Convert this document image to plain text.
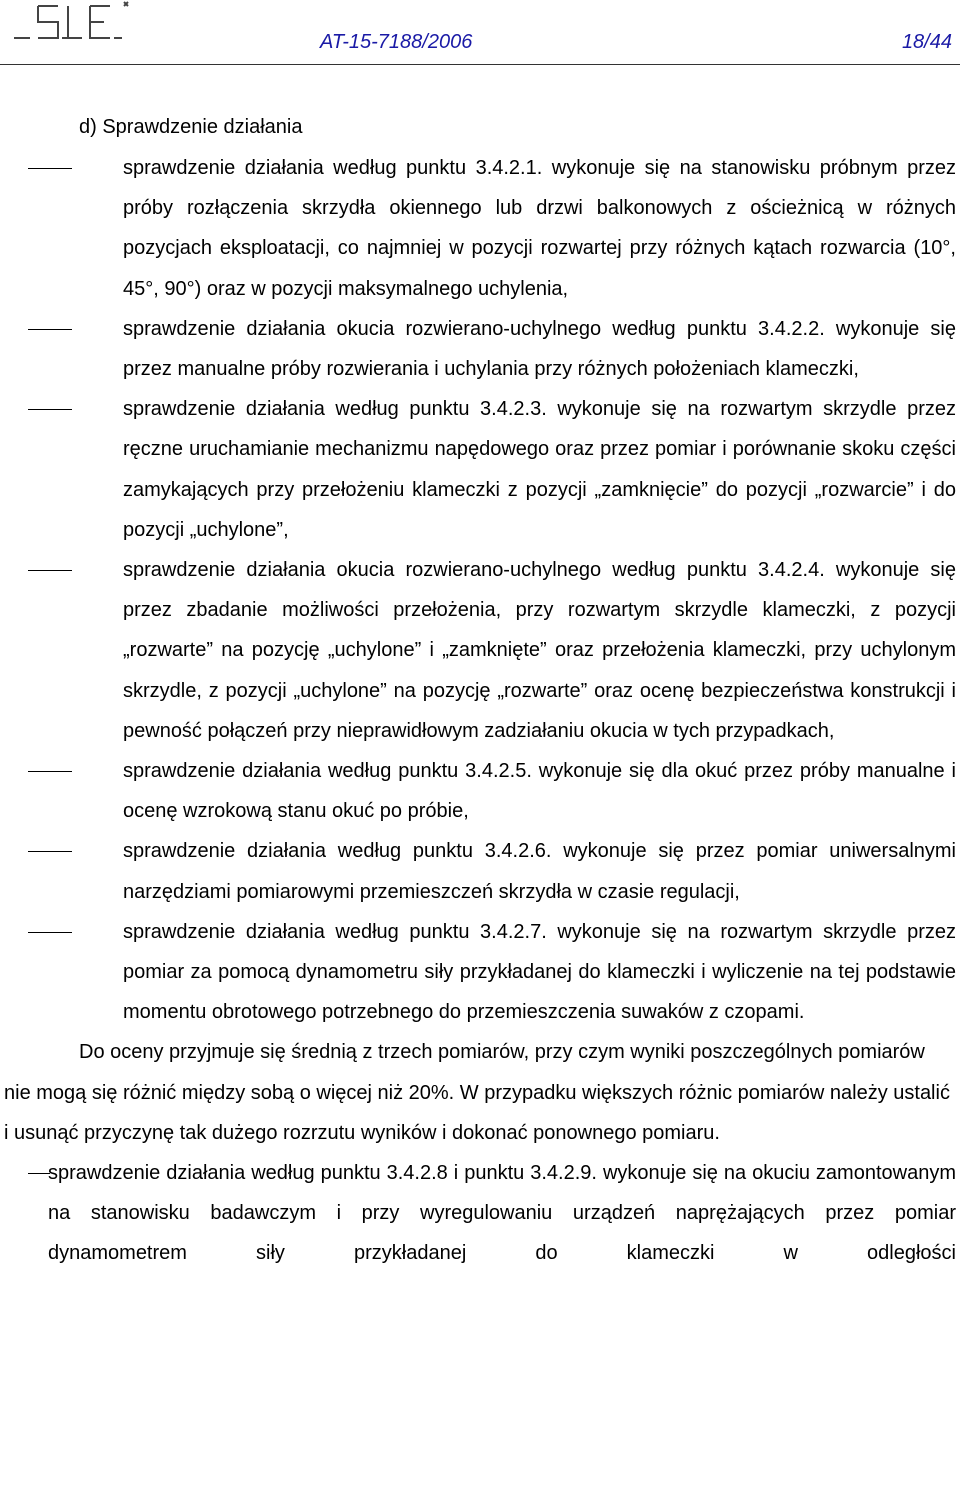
AT-15-7188/2006	18/44
d) Sprawdzenie działania

sprawdzenie działania według punktu 3.4.2.1. wykonuje się na stanowisku próbnym przez próby rozłączenia skrzydła okiennego lub drzwi balkonowych z ościeżnicą w różnych pozycjach eksploatacji, co najmniej w pozycji rozwartej przy różnych kątach rozwarcia (10°, 45°, 90°) oraz w pozycji maksymalnego uchylenia,

sprawdzenie działania okucia rozwierano-uchylnego według punktu 3.4.2.2. wykonuje się przez manualne próby rozwierania i uchylania przy różnych położeniach klameczki,

sprawdzenie działania według punktu 3.4.2.3. wykonuje się na rozwartym skrzydle przez ręczne uruchamianie mechanizmu napędowego oraz przez pomiar i porównanie skoku części zamykających przy przełożeniu klameczki z pozycji „zamknięcie” do pozycji „rozwarcie” i do pozycji „uchylone”,

sprawdzenie działania okucia rozwierano-uchylnego według punktu 3.4.2.4. wykonuje się przez zbadanie możliwości przełożenia, przy rozwartym skrzydle klameczki, z pozycji „rozwarte” na pozycję „uchylone” i „zamknięte” oraz przełożenia klameczki, przy uchylonym skrzydle, z pozycji „uchylone” na pozycję „rozwarte” oraz ocenę bezpieczeństwa konstrukcji i pewność połączeń przy nieprawidłowym zadziałaniu okucia w tych przypadkach,

sprawdzenie działania według punktu 3.4.2.5. wykonuje się dla okuć przez próby manualne i ocenę wzrokową stanu okuć po próbie,

sprawdzenie działania według punktu 3.4.2.6. wykonuje się przez pomiar uniwersalnymi narzędziami pomiarowymi przemieszczeń skrzydła w czasie regulacji,

sprawdzenie działania według punktu 3.4.2.7. wykonuje się na rozwartym skrzydle przez pomiar za pomocą dynamometru siły przykładanej do klameczki i wyliczenie na tej podstawie momentu obrotowego potrzebnego do przemieszczenia suwaków z czopami.

Do oceny przyjmuje się średnią z trzech pomiarów, przy czym wyniki poszczególnych pomiarów nie mogą się różnić między sobą o więcej niż 20%. W przypadku większych różnic pomiarów należy ustalić i usunąć przyczynę tak dużego rozrzutu wyników i dokonać ponownego pomiaru.

sprawdzenie działania według punktu 3.4.2.8 i punktu 3.4.2.9. wykonuje się na okuciu zamontowanym na stanowisku badawczym i przy wyregulowaniu urządzeń naprężających przez pomiar dynamometrem siły przykładanej do klameczki w odległości
